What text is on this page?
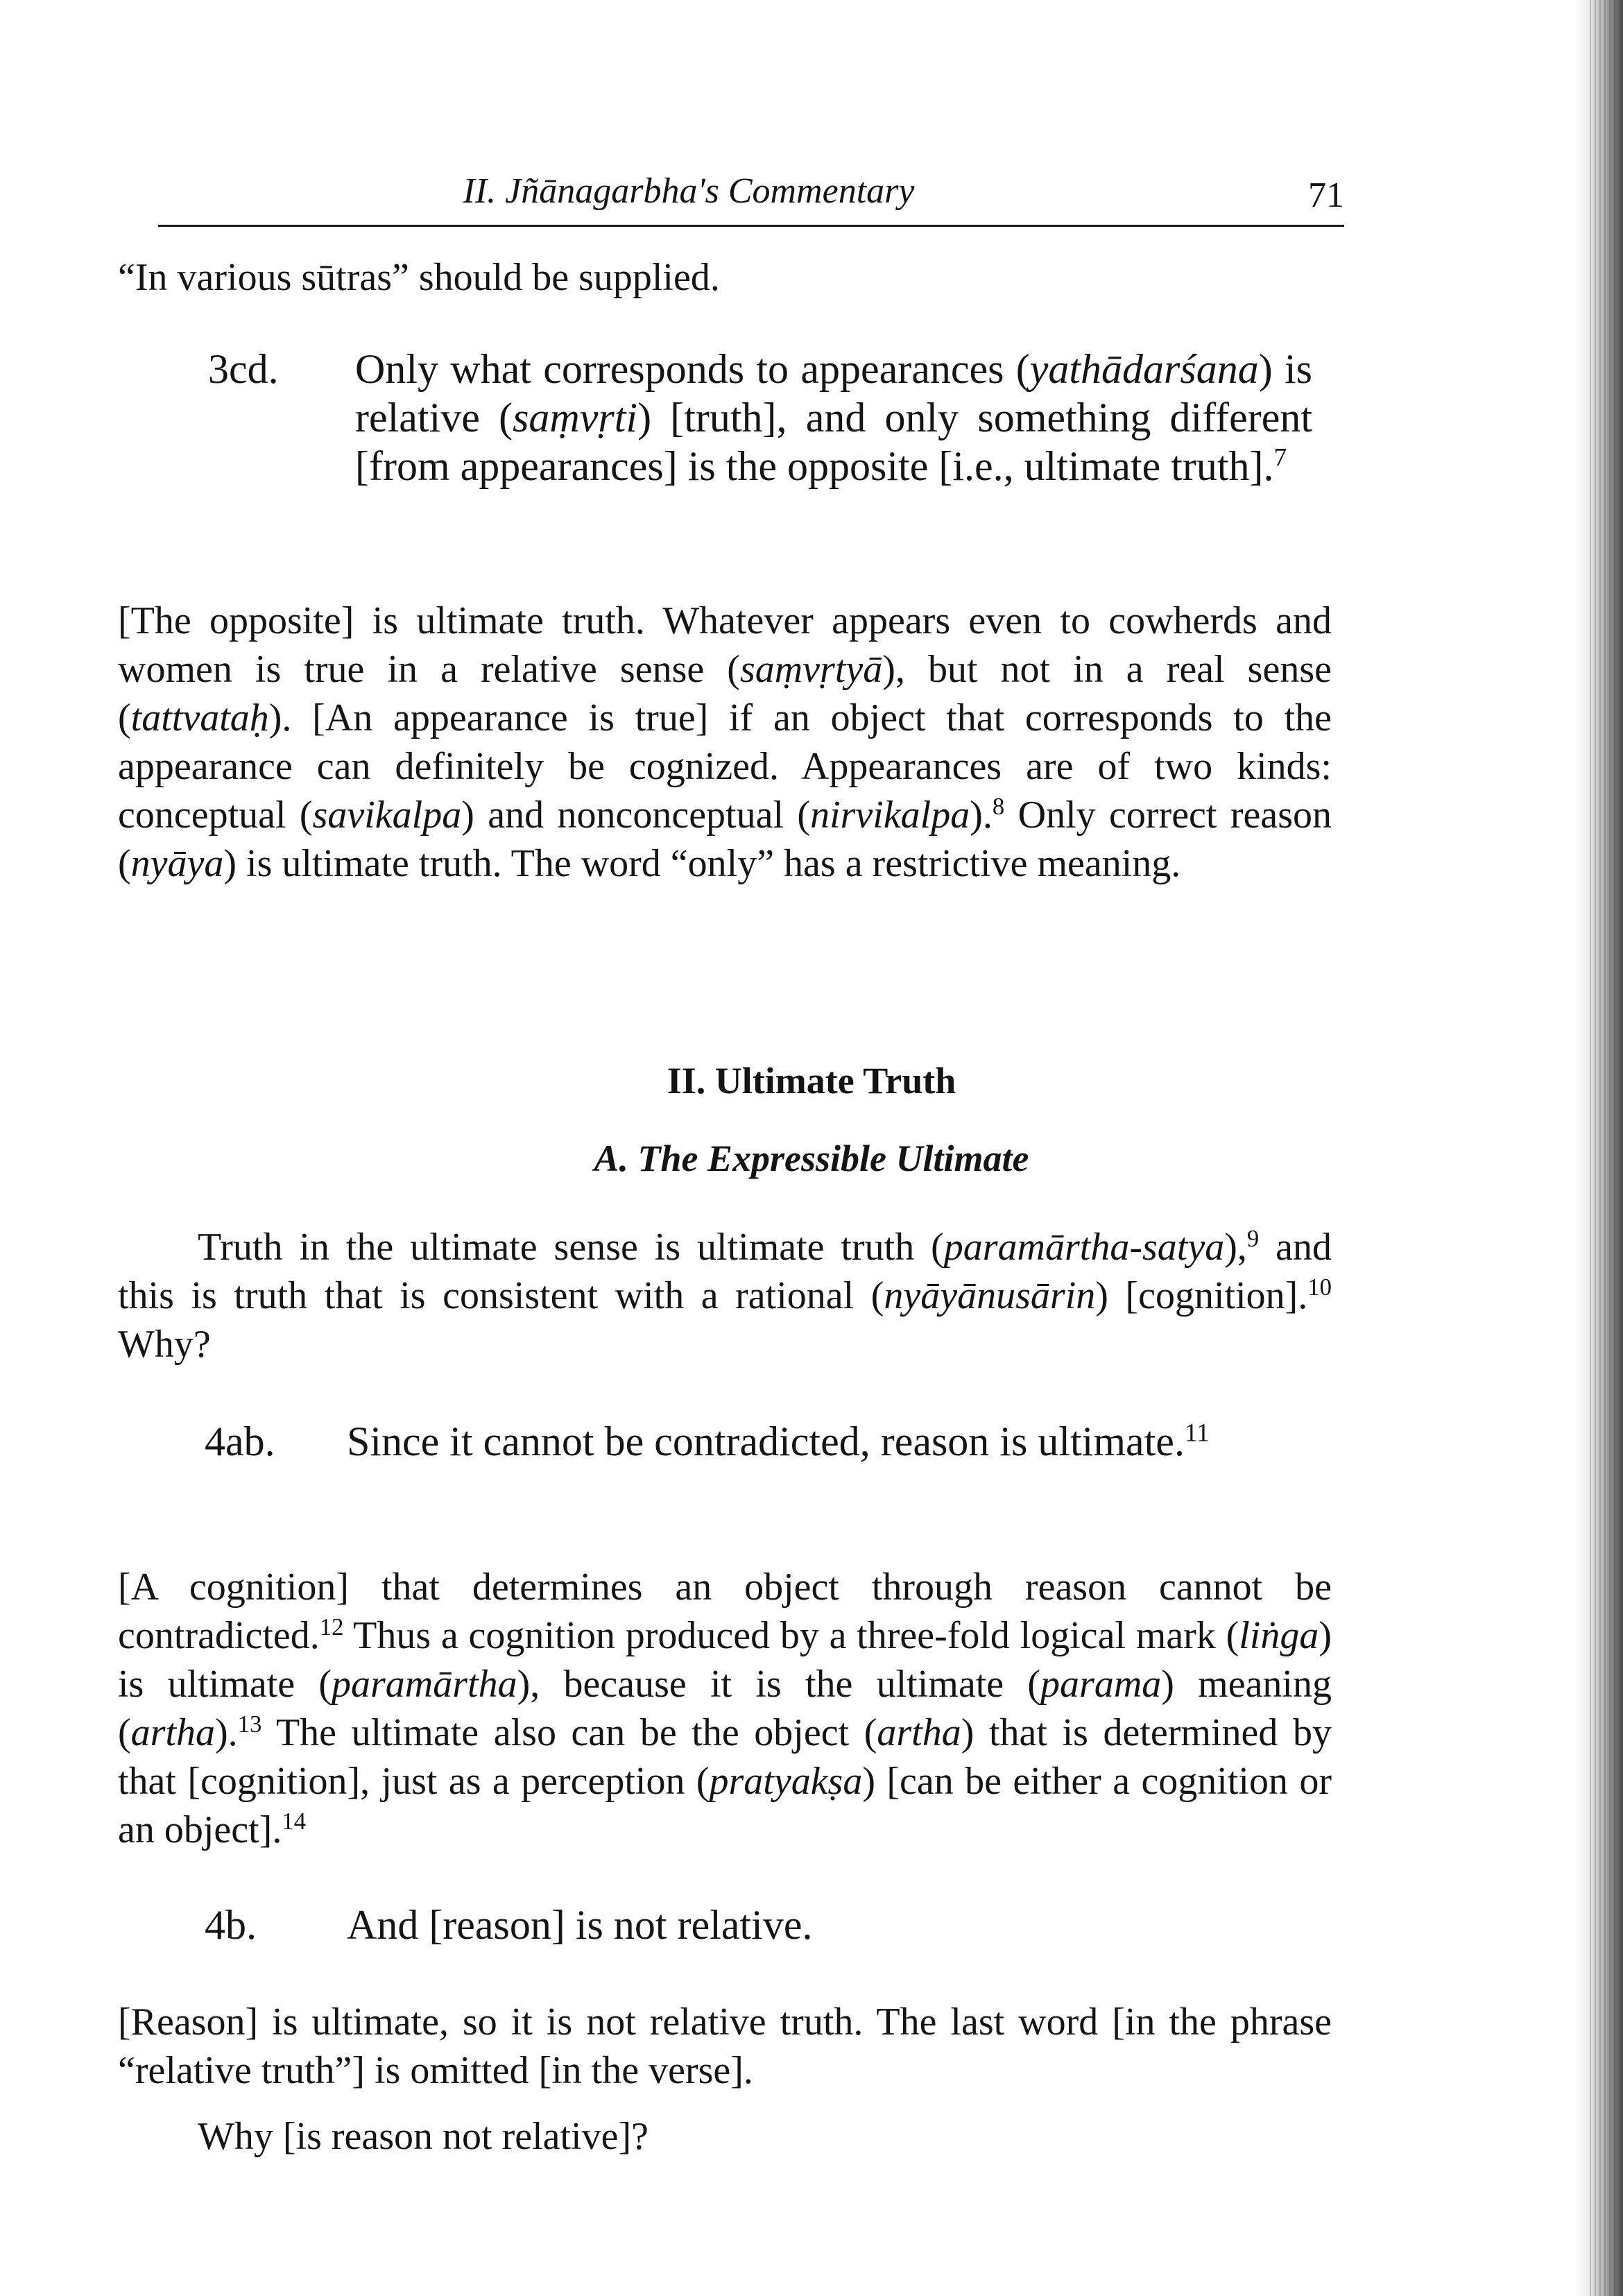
II. Jñānagarbha's Commentary	71

“In various sūtras” should be supplied.

3cd. Only what corresponds to appearances (yathādarśana) is relative (saṃvṛti) [truth], and only something different [from appearances] is the opposite [i.e., ultimate truth].$^7$

[The opposite] is ultimate truth. Whatever appears even to cowherds and women is true in a relative sense (saṃvṛtyā), but not in a real sense (tattvataḥ). [An appearance is true] if an object that corresponds to the appearance can definitely be cognized. Appearances are of two kinds: conceptual (savikalpa) and nonconceptual (nirvikalpa).$^8$ Only correct reason (nyāya) is ultimate truth. The word “only” has a restrictive meaning.

II. Ultimate Truth
A. The Expressible Ultimate

Truth in the ultimate sense is ultimate truth (paramārtha-satya),$^9$ and this is truth that is consistent with a rational (nyāyānusārin) [cognition].$^{10}$ Why?

4ab. Since it cannot be contradicted, reason is ultimate.$^{11}$

[A cognition] that determines an object through reason cannot be contradicted.$^{12}$ Thus a cognition produced by a three-fold logical mark (liṅga) is ultimate (paramārtha), because it is the ultimate (parama) meaning (artha).$^{13}$ The ultimate also can be the object (artha) that is determined by that [cognition], just as a perception (pratyakṣa) [can be either a cognition or an object].$^{14}$

4b. And [reason] is not relative.

[Reason] is ultimate, so it is not relative truth. The last word [in the phrase “relative truth”] is omitted [in the verse].

Why [is reason not relative]?
